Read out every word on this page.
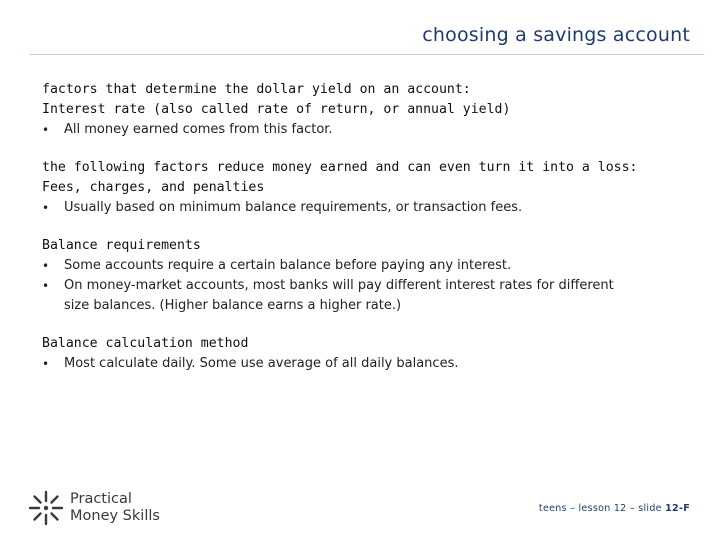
choosing a savings account
factors that determine the dollar yield on an account:
Interest rate (also called rate of return, or annual yield)
• All money earned comes from this factor.
the following factors reduce money earned and can even turn it into a loss:
Fees, charges, and penalties
• Usually based on minimum balance requirements, or transaction fees.
Balance requirements
• Some accounts require a certain balance before paying any interest.
• On money-market accounts, most banks will pay different interest rates for different
size balances. (Higher balance earns a higher rate.)
Balance calculation method
• Most calculate daily. Some use average of all daily balances.
Practical
Money Skills	teens – lesson 12 – slide 12-F
